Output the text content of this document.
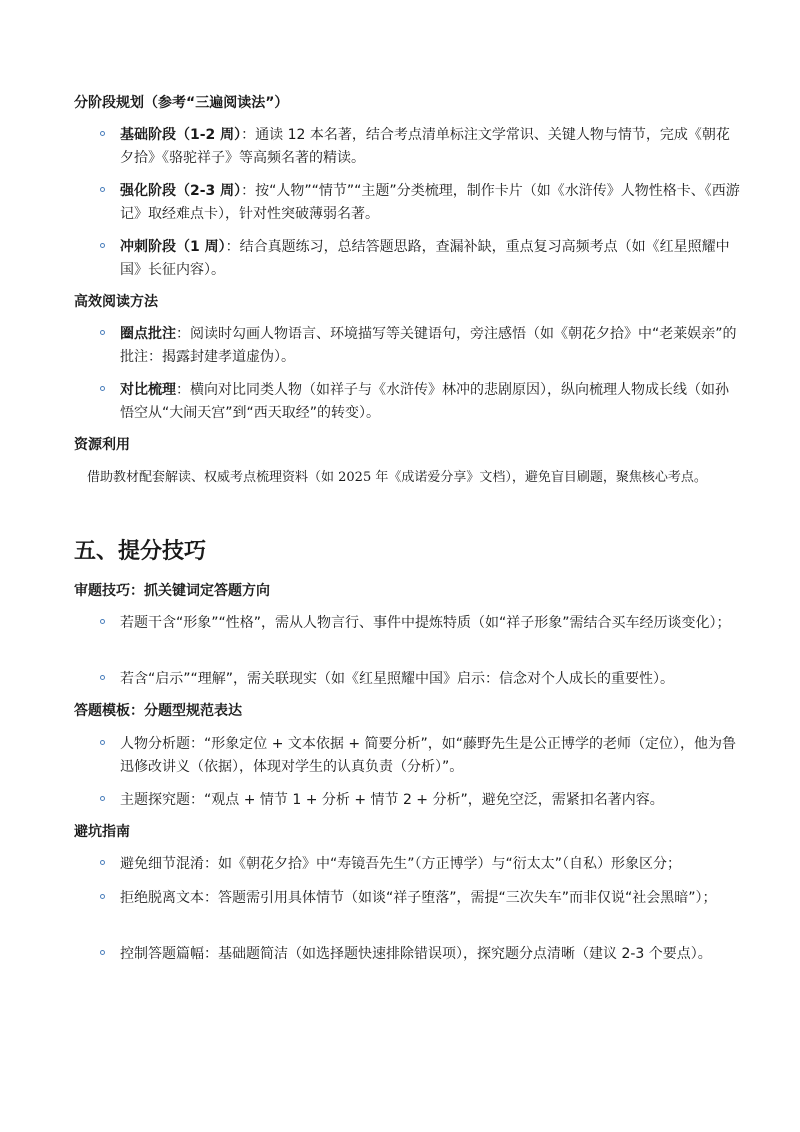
分阶段规划（参考“三遍阅读法”）

基础阶段（1-2 周）：通读 12 本名著，结合考点清单标注文学常识、关键人物与情节，完成《朝花夕拾》《骆驼祥子》等高频名著的精读。

强化阶段（2-3 周）：按“人物”“情节”“主题”分类梳理，制作卡片（如《水浒传》人物性格卡、《西游记》取经难点卡），针对性突破薄弱名著。

冲刺阶段（1 周）：结合真题练习，总结答题思路，查漏补缺，重点复习高频考点（如《红星照耀中国》长征内容）。

高效阅读方法

圈点批注：阅读时勾画人物语言、环境描写等关键语句，旁注感悟（如《朝花夕拾》中“老莱娱亲”的批注：揭露封建孝道虚伪）。

对比梳理：横向对比同类人物（如祥子与《水浒传》林冲的悲剧原因），纵向梳理人物成长线（如孙悟空从“大闹天宫”到“西天取经”的转变）。

资源利用

借助教材配套解读、权威考点梳理资料（如 2025 年《成诺爱分享》文档），避免盲目刷题，聚焦核心考点。

五、提分技巧
审题技巧：抓关键词定答题方向

若题干含“形象”“性格”，需从人物言行、事件中提炼特质（如“祥子形象”需结合买车经历谈变化）；

若含“启示”“理解”，需关联现实（如《红星照耀中国》启示：信念对个人成长的重要性）。

答题模板：分题型规范表达

人物分析题：“形象定位 + 文本依据 + 简要分析”，如“藤野先生是公正博学的老师（定位），他为鲁迅修改讲义（依据），体现对学生的认真负责（分析）”。

主题探究题：“观点 + 情节 1 + 分析 + 情节 2 + 分析”，避免空泛，需紧扣名著内容。

避坑指南

避免细节混淆：如《朝花夕拾》中“寿镜吾先生”（方正博学）与“衍太太”（自私）形象区分；

拒绝脱离文本：答题需引用具体情节（如谈“祥子堕落”，需提“三次失车”而非仅说“社会黑暗”）；

控制答题篇幅：基础题简洁（如选择题快速排除错误项），探究题分点清晰（建议 2-3 个要点）。
